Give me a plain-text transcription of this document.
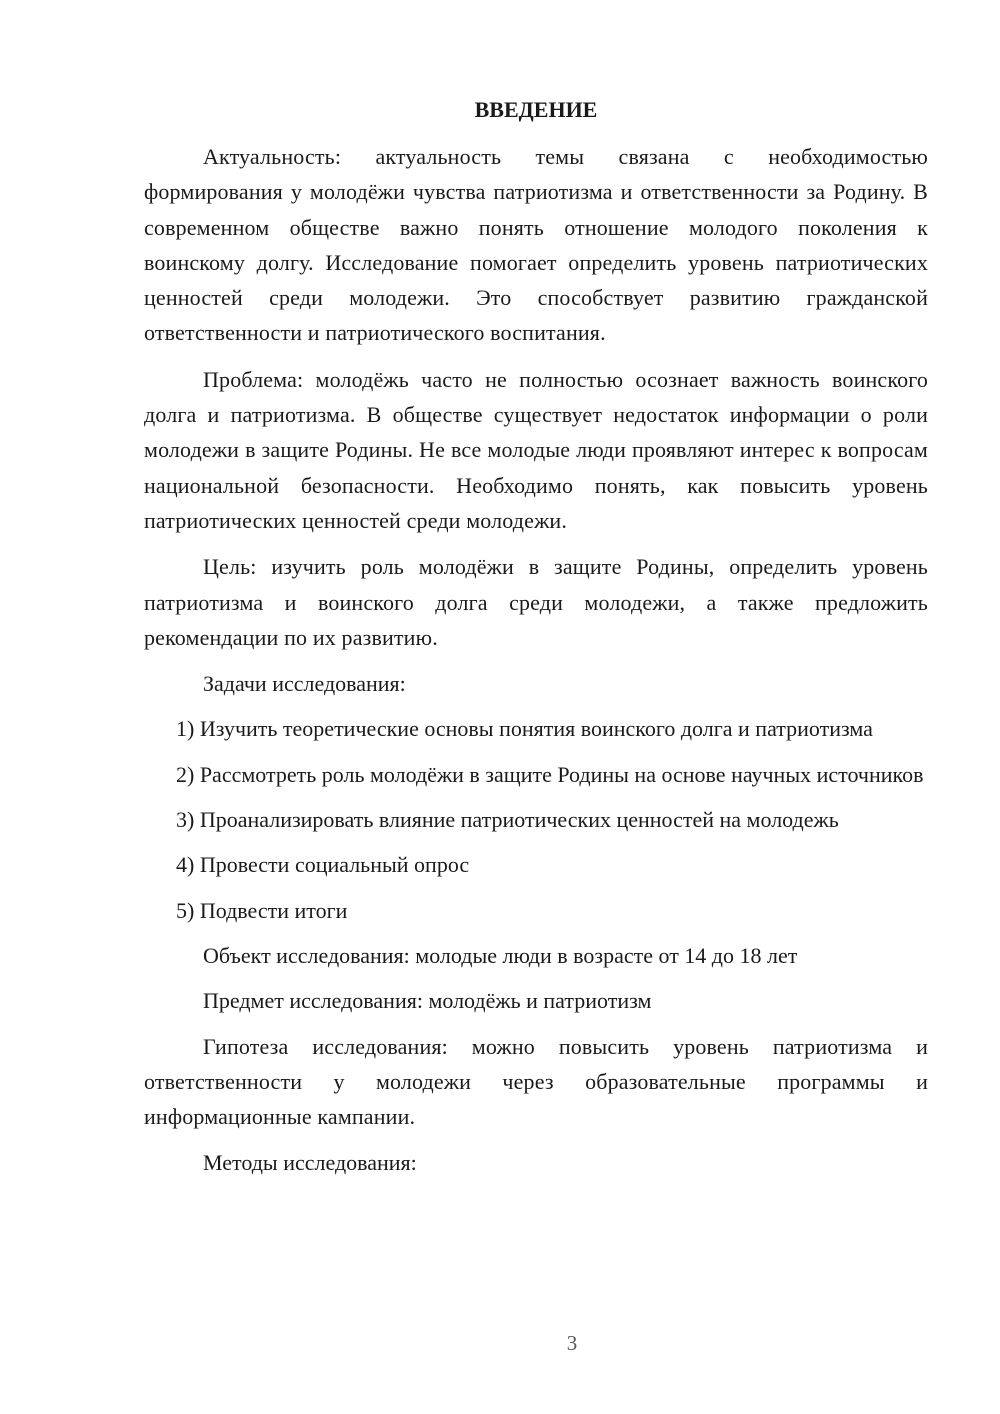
ВВЕДЕНИЕ

Актуальность: актуальность темы связана с необходимостью формирования у молодёжи чувства патриотизма и ответственности за Родину. В современном обществе важно понять отношение молодого поколения к воинскому долгу. Исследование помогает определить уровень патриотических ценностей среди молодежи. Это способствует развитию гражданской ответственности и патриотического воспитания.

Проблема: молодёжь часто не полностью осознает важность воинского долга и патриотизма. В обществе существует недостаток информации о роли молодежи в защите Родины. Не все молодые люди проявляют интерес к вопросам национальной безопасности. Необходимо понять, как повысить уровень патриотических ценностей среди молодежи.

Цель: изучить роль молодёжи в защите Родины, определить уровень патриотизма и воинского долга среди молодежи, а также предложить рекомендации по их развитию.

Задачи исследования:

1) Изучить теоретические основы понятия воинского долга и патриотизма

2) Рассмотреть роль молодёжи в защите Родины на основе научных источников

3) Проанализировать влияние патриотических ценностей на молодежь

4) Провести социальный опрос

5) Подвести итоги

Объект исследования: молодые люди в возрасте от 14 до 18 лет

Предмет исследования: молодёжь и патриотизм

Гипотеза исследования: можно повысить уровень патриотизма и ответственности у молодежи через образовательные программы и информационные кампании.

Методы исследования:

3
